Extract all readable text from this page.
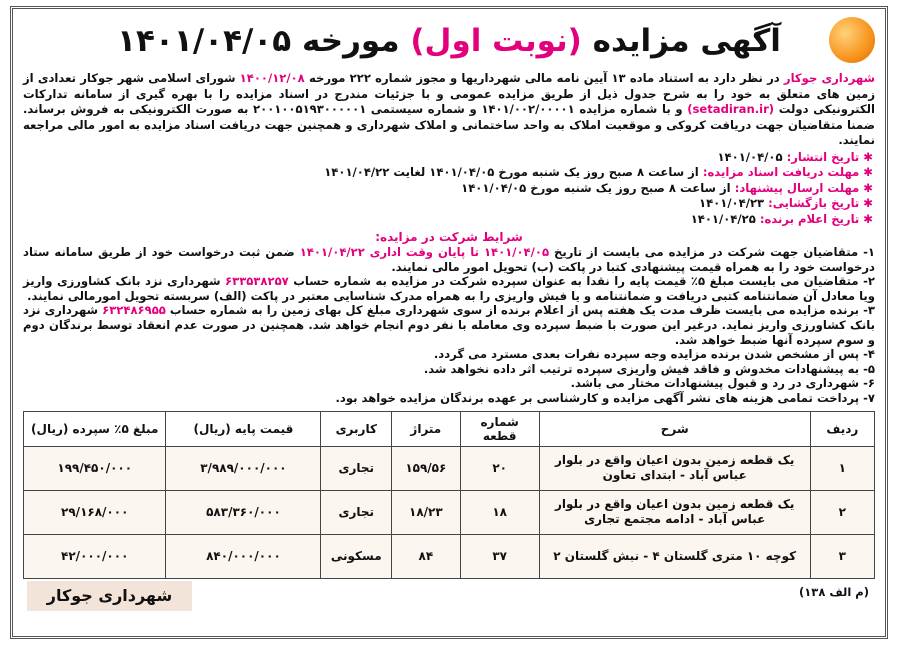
آگهی مزایده (نوبت اول) مورخه ۱۴۰۱/۰۴/۰۵

شهرداری جوکار در نظر دارد به استناد ماده ۱۳ آیین نامه مالی شهرداریها و مجوز شماره ۲۲۲ مورخه ۱۴۰۰/۱۲/۰۸ شورای اسلامی شهر جوکار تعدادی از زمین های متعلق به خود را به شرح جدول ذیل از طریق مزایده عمومی و با جزئیات مندرج در اسناد مزایده را با بهره گیری از سامانه تدارکات الکترونیکی دولت (setadiran.ir) و با شماره مزایده ۱۴۰۱/۰۰۲/۰۰۰۰۱ و شماره سیستمی ۲۰۰۱۰۰۵۱۹۳۰۰۰۰۰۱ به صورت الکترونیکی به فروش برساند. ضمنا متقاضیان جهت دریافت کروکی و موقعیت املاک به واحد ساختمانی و املاک شهرداری و همچنین جهت دریافت اسناد مزایده به امور مالی مراجعه نمایند.

✱تاریخ انتشار: ۱۴۰۱/۰۴/۰۵
✱مهلت دریافت اسناد مزایده: از ساعت ۸ صبح روز یک شنبه مورخ ۱۴۰۱/۰۴/۰۵ لغایت ۱۴۰۱/۰۴/۲۲
✱مهلت ارسال پیشنهاد: از ساعت ۸ صبح روز یک شنبه مورخ ۱۴۰۱/۰۴/۰۵
✱تاریخ بازگشایی: ۱۴۰۱/۰۴/۲۳
✱تاریخ اعلام برنده: ۱۴۰۱/۰۴/۲۵
شرایط شرکت در مزایده:
۱- متقاضیان جهت شرکت در مزایده می بایست از تاریخ ۱۴۰۱/۰۴/۰۵ تا پایان وقت اداری ۱۴۰۱/۰۴/۲۲ ضمن ثبت درخواست خود از طریق سامانه ستاد درخواست خود را به همراه قیمت پیشنهادی کتبا در پاکت (ب) تحویل امور مالی نمایند.
۲- متقاضیان می بایست مبلغ ۵٪ قیمت پایه را نقدا به عنوان سپرده شرکت در مزایده به شماره حساب ۶۳۳۵۳۸۲۵۷ شهرداری نزد بانک کشاورزی واریز ویا معادل آن ضمانتنامه کتبی دریافت و ضمانتنامه و یا فیش واریزی را به همراه مدرک شناسایی معتبر در پاکت (الف) سربسته تحویل امورمالی نمایند.
۳- برنده مزایده می بایست ظرف مدت یک هفته پس از اعلام برنده از سوی شهرداری مبلغ کل بهای زمین را به شماره حساب ۶۳۲۴۸۶۹۵۵ شهرداری نزد بانک کشاورزی واریز نماید. درغیر این صورت با ضبط سپرده وی معامله با نفر دوم انجام خواهد شد. همچنین در صورت عدم انعقاد توسط برندگان دوم و سوم سپرده آنها ضبط خواهد شد.
۴- پس از مشخص شدن برنده مزایده وجه سپرده نفرات بعدی مسترد می گردد.
۵- به پیشنهادات مخدوش و فاقد فیش واریزی سپرده ترتیب اثر داده نخواهد شد.
۶- شهرداری در رد و قبول پیشنهادات مختار می باشد.
۷- پرداخت تمامی هزینه های نشر آگهی مزایده و کارشناسی بر عهده برندگان مزایده خواهد بود.
ردیف	شرح	شماره قطعه	متراژ	کاربری	قیمت پایه (ریال)	مبلغ ۵٪ سپرده (ریال)
۱	یک قطعه زمین بدون اعیان واقع در بلوار عباس آباد - ابتدای تعاون	۲۰	۱۵۹/۵۶	تجاری	۳/۹۸۹/۰۰۰/۰۰۰	۱۹۹/۴۵۰/۰۰۰
۲	یک قطعه زمین بدون اعیان واقع در بلوار عباس آباد - ادامه مجتمع تجاری	۱۸	۱۸/۲۳	تجاری	۵۸۳/۳۶۰/۰۰۰	۲۹/۱۶۸/۰۰۰
۳	کوچه ۱۰ متری گلستان ۴ - نبش گلستان ۲	۳۷	۸۴	مسکونی	۸۴۰/۰۰۰/۰۰۰	۴۲/۰۰۰/۰۰۰
(م الف ۱۳۸)
شهرداری جوکار
